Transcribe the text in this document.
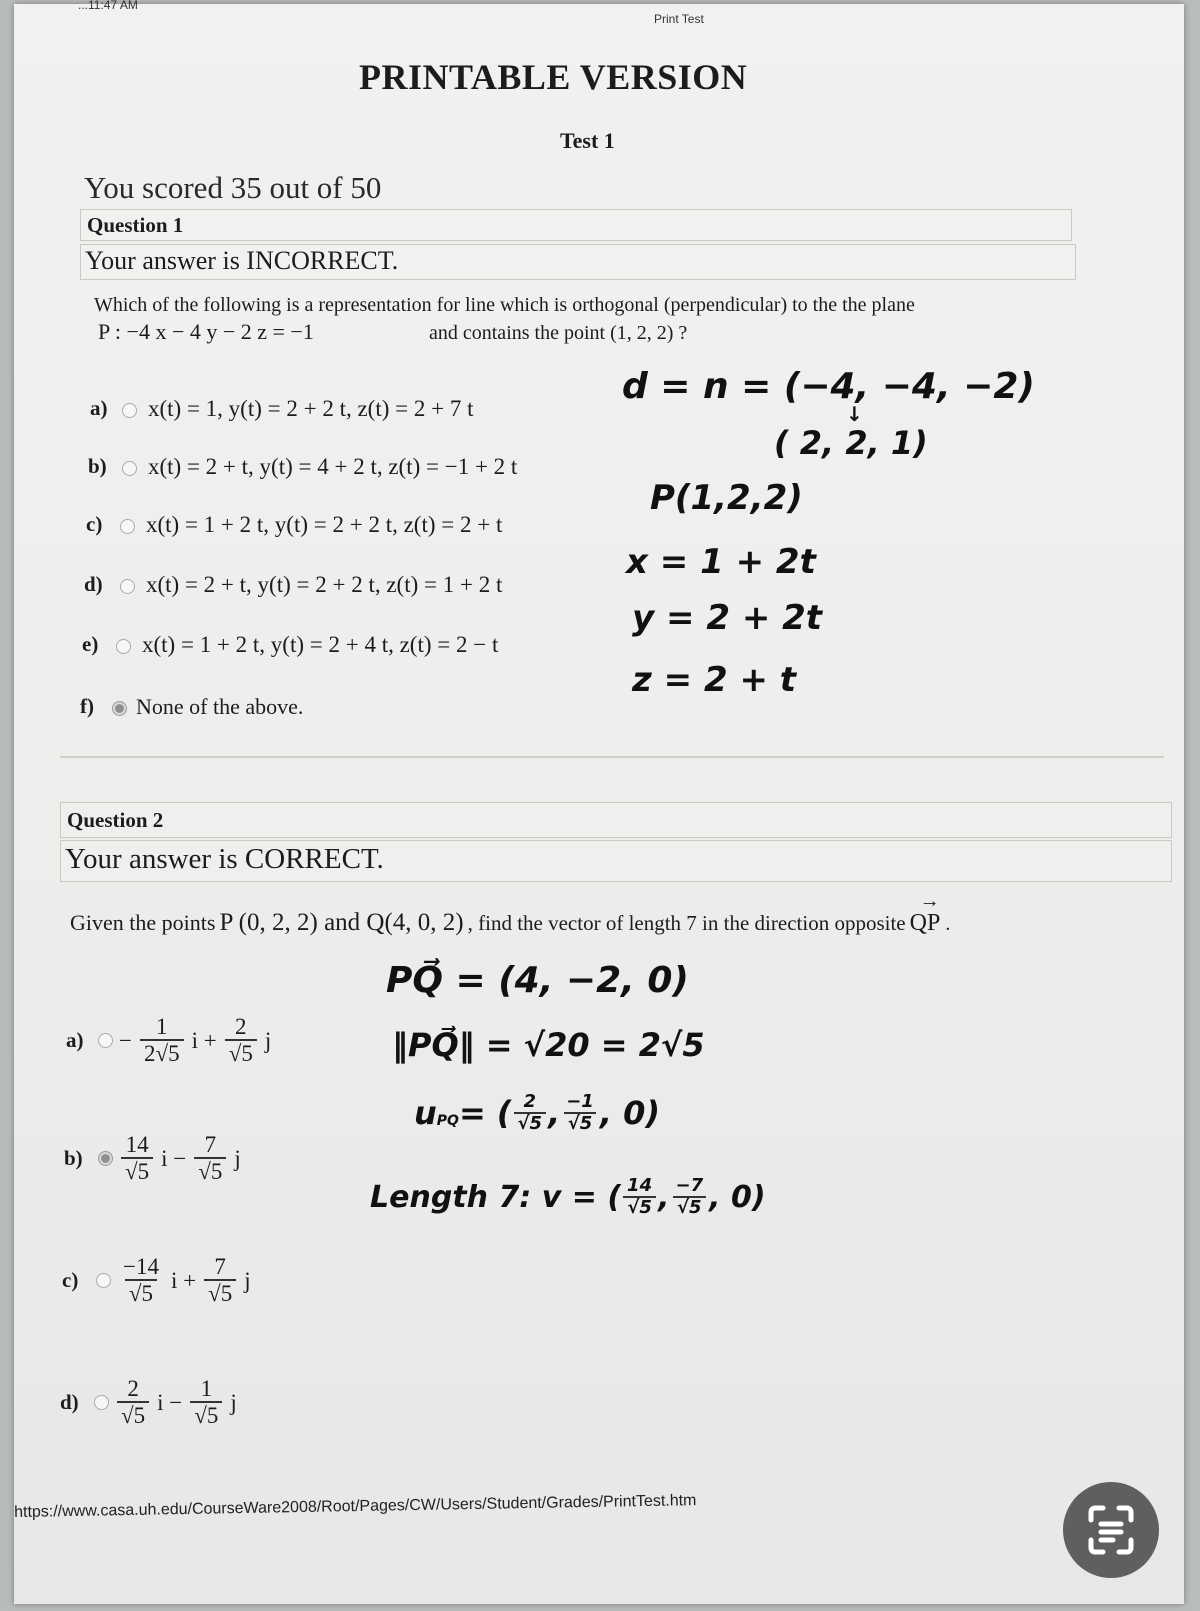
...11:47 AM
Print Test
PRINTABLE VERSION
Test 1
You scored 35 out of 50
Question 1
Your answer is INCORRECT.
Which of the following is a representation for line which is orthogonal (perpendicular) to the the plane
P : −4 x − 4 y − 2 z = −1	and contains the point (1, 2, 2) ?
a) x(t) = 1, y(t) = 2 + 2 t, z(t) = 2 + 7 t
b) x(t) = 2 + t, y(t) = 4 + 2 t, z(t) = −1 + 2 t
c) x(t) = 1 + 2 t, y(t) = 2 + 2 t, z(t) = 2 + t
d) x(t) = 2 + t, y(t) = 2 + 2 t, z(t) = 1 + 2 t
e) x(t) = 1 + 2 t, y(t) = 2 + 4 t, z(t) = 2 − t
f) None of the above.
d = n = (−4, −4, −2)
↓
( 2, 2, 1)
P(1,2,2)
x = 1 + 2t
y = 2 + 2t
z = 2 + t
Question 2
Your answer is CORRECT.
Given the points P (0, 2, 2) and Q(4, 0, 2) , find the vector of length 7 in the direction opposite
→
QP .
a)	− $\frac{1}{2√5}$ $i + \frac{2}{√5}$ j
b)	$\frac{14}{√5}$ $i - \frac{7}{√5}$ j
c)	$\frac{-14}{√5}$ $i + \frac{7}{√5}$ j
d)	$\frac{2}{√5}$ $i - \frac{1}{√5}$ j
PQ⃗ = (4, −2, 0)
‖PQ⃗‖ = √20 = 2√5
u PQ = ( $\frac{2}{√5}$ , $\frac{-1}{√5}$ , 0)
Length 7: v = ( $\frac{14}{√5}$ , $\frac{-7}{√5}$ , 0)
https://www.casa.uh.edu/CourseWare2008/Root/Pages/CW/Users/Student/Grades/PrintTest.htm
